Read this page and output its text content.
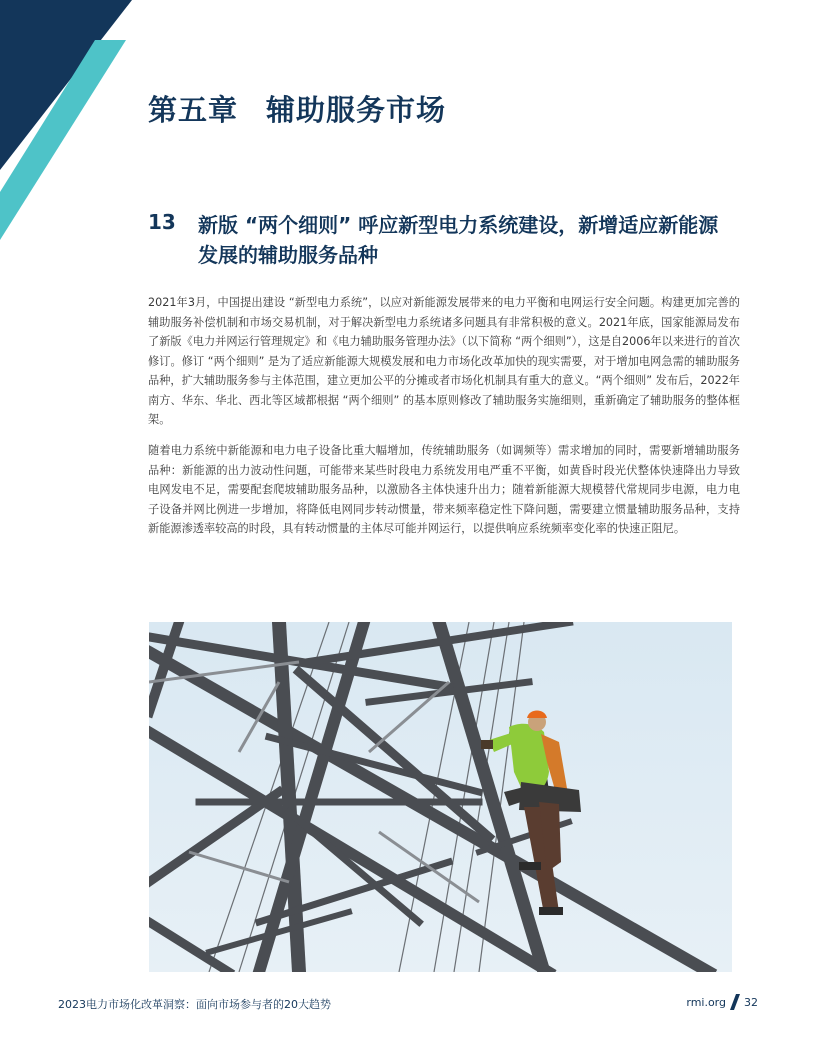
第五章 辅助服务市场
13 新版 “两个细则” 呼应新型电力系统建设，新增适应新能源发展的辅助服务品种

2021年3月，中国提出建设 “新型电力系统”，以应对新能源发展带来的电力平衡和电网运行安全问题。构建更加完善的辅助服务补偿机制和市场交易机制，对于解决新型电力系统诸多问题具有非常积极的意义。2021年底，国家能源局发布了新版《电力并网运行管理规定》和《电力辅助服务管理办法》（以下简称 “两个细则”），这是自2006年以来进行的首次修订。修订 “两个细则” 是为了适应新能源大规模发展和电力市场化改革加快的现实需要，对于增加电网急需的辅助服务品种，扩大辅助服务参与主体范围，建立更加公平的分摊或者市场化机制具有重大的意义。“两个细则” 发布后，2022年南方、华东、华北、西北等区域都根据 “两个细则” 的基本原则修改了辅助服务实施细则，重新确定了辅助服务的整体框架。

随着电力系统中新能源和电力电子设备比重大幅增加，传统辅助服务（如调频等）需求增加的同时，需要新增辅助服务品种：新能源的出力波动性问题，可能带来某些时段电力系统发用电严重不平衡，如黄昏时段光伏整体快速降出力导致电网发电不足，需要配套爬坡辅助服务品种，以激励各主体快速升出力；随着新能源大规模替代常规同步电源，电力电子设备并网比例进一步增加，将降低电网同步转动惯量，带来频率稳定性下降问题，需要建立惯量辅助服务品种，支持新能源渗透率较高的时段，具有转动惯量的主体尽可能并网运行，以提供响应系统频率变化率的快速正阻尼。

2023电力市场化改革洞察：面向市场参与者的20大趋势	rmi.org 32
